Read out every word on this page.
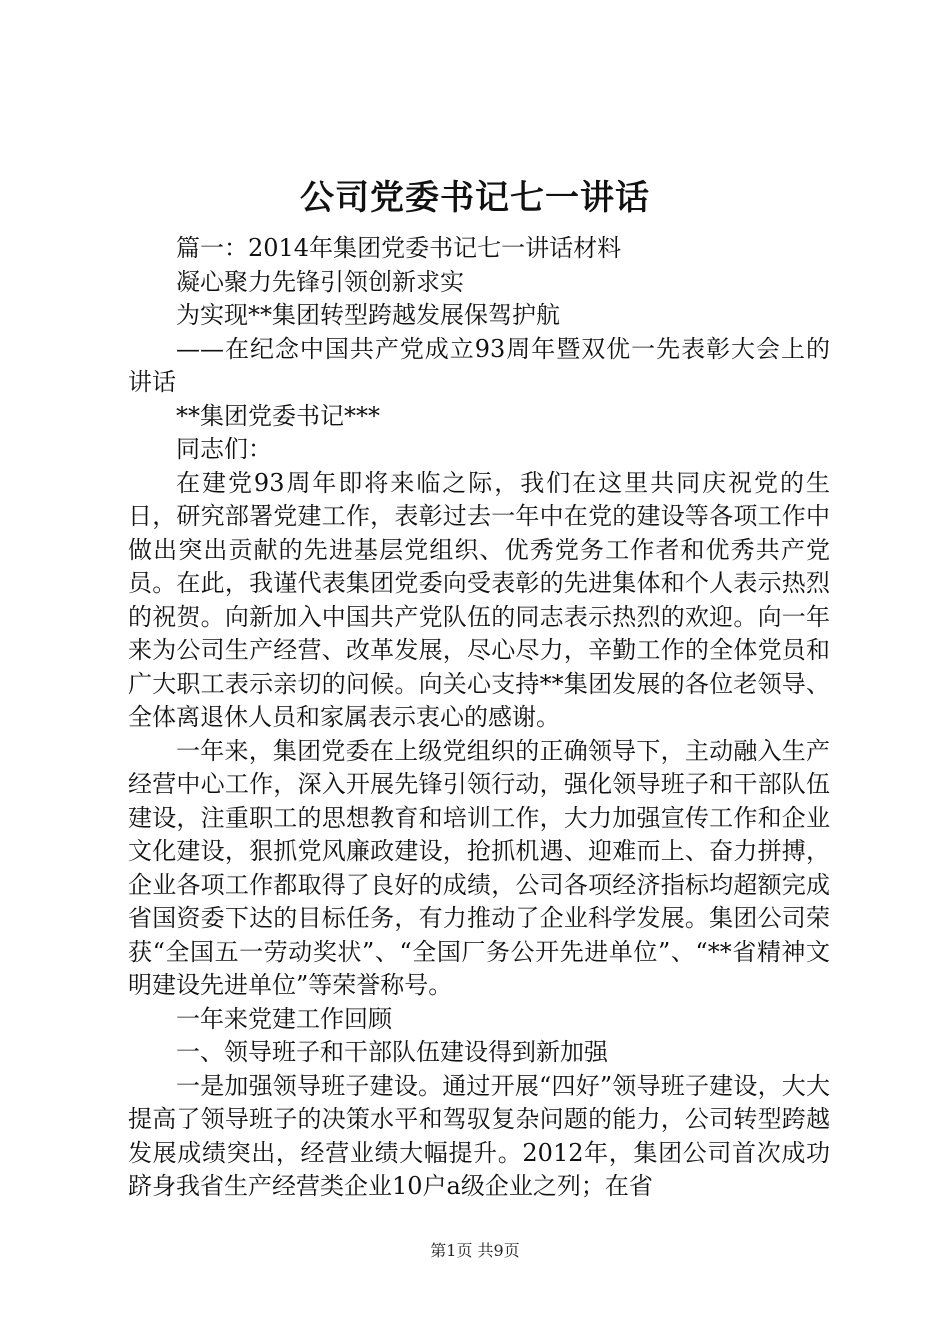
公司党委书记七一讲话

篇一：2014年集团党委书记七一讲话材料

凝心聚力先锋引领创新求实

为实现**集团转型跨越发展保驾护航

——在纪念中国共产党成立93周年暨双优一先表彰大会上的讲话

**集团党委书记***

同志们：

在建党93周年即将来临之际，我们在这里共同庆祝党的生日，研究部署党建工作，表彰过去一年中在党的建设等各项工作中做出突出贡献的先进基层党组织、优秀党务工作者和优秀共产党员。在此，我谨代表集团党委向受表彰的先进集体和个人表示热烈的祝贺。向新加入中国共产党队伍的同志表示热烈的欢迎。向一年来为公司生产经营、改革发展，尽心尽力，辛勤工作的全体党员和广大职工表示亲切的问候。向关心支持**集团发展的各位老领导、全体离退休人员和家属表示衷心的感谢。

一年来，集团党委在上级党组织的正确领导下，主动融入生产经营中心工作，深入开展先锋引领行动，强化领导班子和干部队伍建设，注重职工的思想教育和培训工作，大力加强宣传工作和企业文化建设，狠抓党风廉政建设，抢抓机遇、迎难而上、奋力拼搏，企业各项工作都取得了良好的成绩，公司各项经济指标均超额完成省国资委下达的目标任务，有力推动了企业科学发展。集团公司荣获“全国五一劳动奖状”、“全国厂务公开先进单位”、“**省精神文明建设先进单位”等荣誉称号。

一年来党建工作回顾

一、领导班子和干部队伍建设得到新加强

一是加强领导班子建设。通过开展“四好”领导班子建设，大大提高了领导班子的决策水平和驾驭复杂问题的能力，公司转型跨越发展成绩突出，经营业绩大幅提升。2012年，集团公司首次成功跻身我省生产经营类企业10户a级企业之列；在省

第1页 共9页
